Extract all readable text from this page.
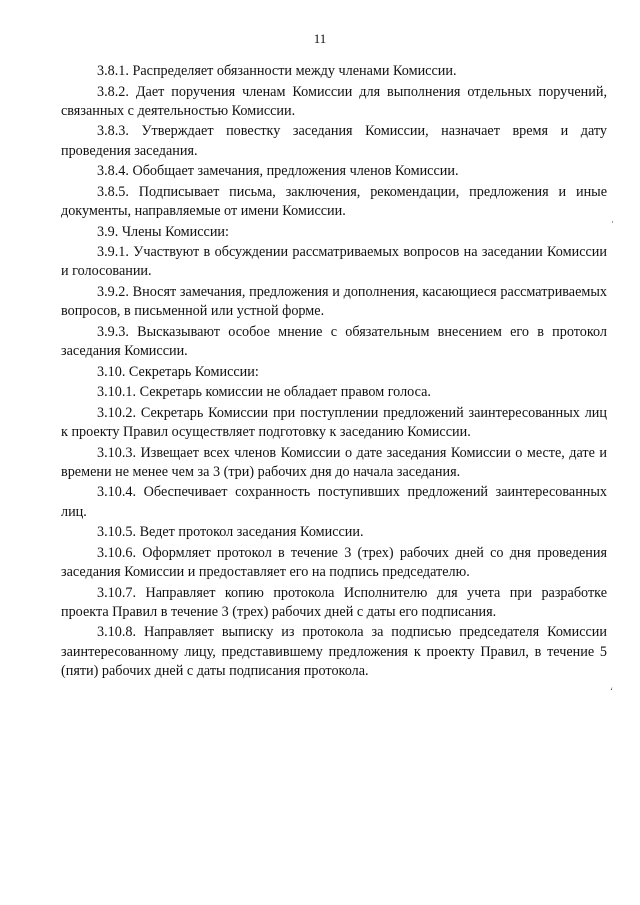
11

3.8.1. Распределяет обязанности между членами Комиссии.

3.8.2. Дает поручения членам Комиссии для выполнения отдельных поручений, связанных с деятельностью Комиссии.

3.8.3. Утверждает повестку заседания Комиссии, назначает время и дату проведения заседания.

3.8.4. Обобщает замечания, предложения членов Комиссии.

3.8.5. Подписывает письма, заключения, рекомендации, предложения и иные документы, направляемые от имени Комиссии.

3.9. Члены Комиссии:

3.9.1. Участвуют в обсуждении рассматриваемых вопросов на заседании Комиссии и голосовании.

3.9.2. Вносят замечания, предложения и дополнения, касающиеся рассматриваемых вопросов, в письменной или устной форме.

3.9.3. Высказывают особое мнение с обязательным внесением его в протокол заседания Комиссии.

3.10. Секретарь Комиссии:

3.10.1. Секретарь комиссии не обладает правом голоса.

3.10.2. Секретарь Комиссии при поступлении предложений заинтересованных лиц к проекту Правил осуществляет подготовку к заседанию Комиссии.

3.10.3. Извещает всех членов Комиссии о дате заседания Комиссии о месте, дате и времени не менее чем за 3 (три) рабочих дня до начала заседания.

3.10.4. Обеспечивает сохранность поступивших предложений заинтересованных лиц.

3.10.5. Ведет протокол заседания Комиссии.

3.10.6. Оформляет протокол в течение 3 (трех) рабочих дней со дня проведения заседания Комиссии и предоставляет его на подпись председателю.

3.10.7. Направляет копию протокола Исполнителю для учета при разработке проекта Правил в течение 3 (трех) рабочих дней с даты его подписания.

3.10.8. Направляет выписку из протокола за подписью председателя Комиссии заинтересованному лицу, представившему предложения к проекту Правил, в течение 5 (пяти) рабочих дней с даты подписания протокола.

·
‘
